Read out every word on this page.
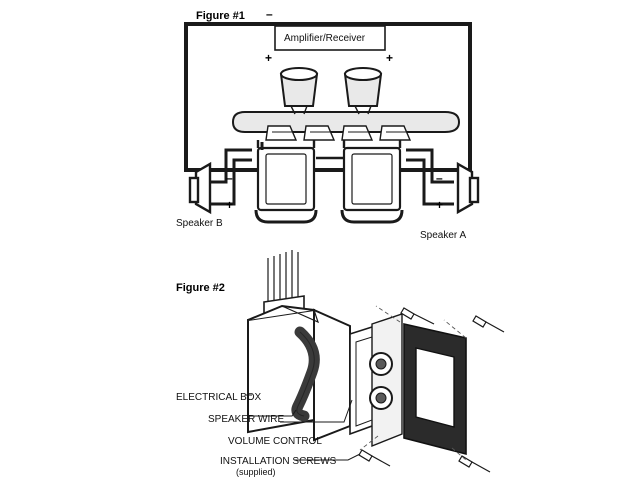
Figure #1
Amplifier/Receiver
–
+	+
–
+
–
+
Speaker B
Speaker A
Figure #2
ELECTRICAL BOX
SPEAKER WIRE
VOLUME CONTROL
INSTALLATION SCREWS
(supplied)
